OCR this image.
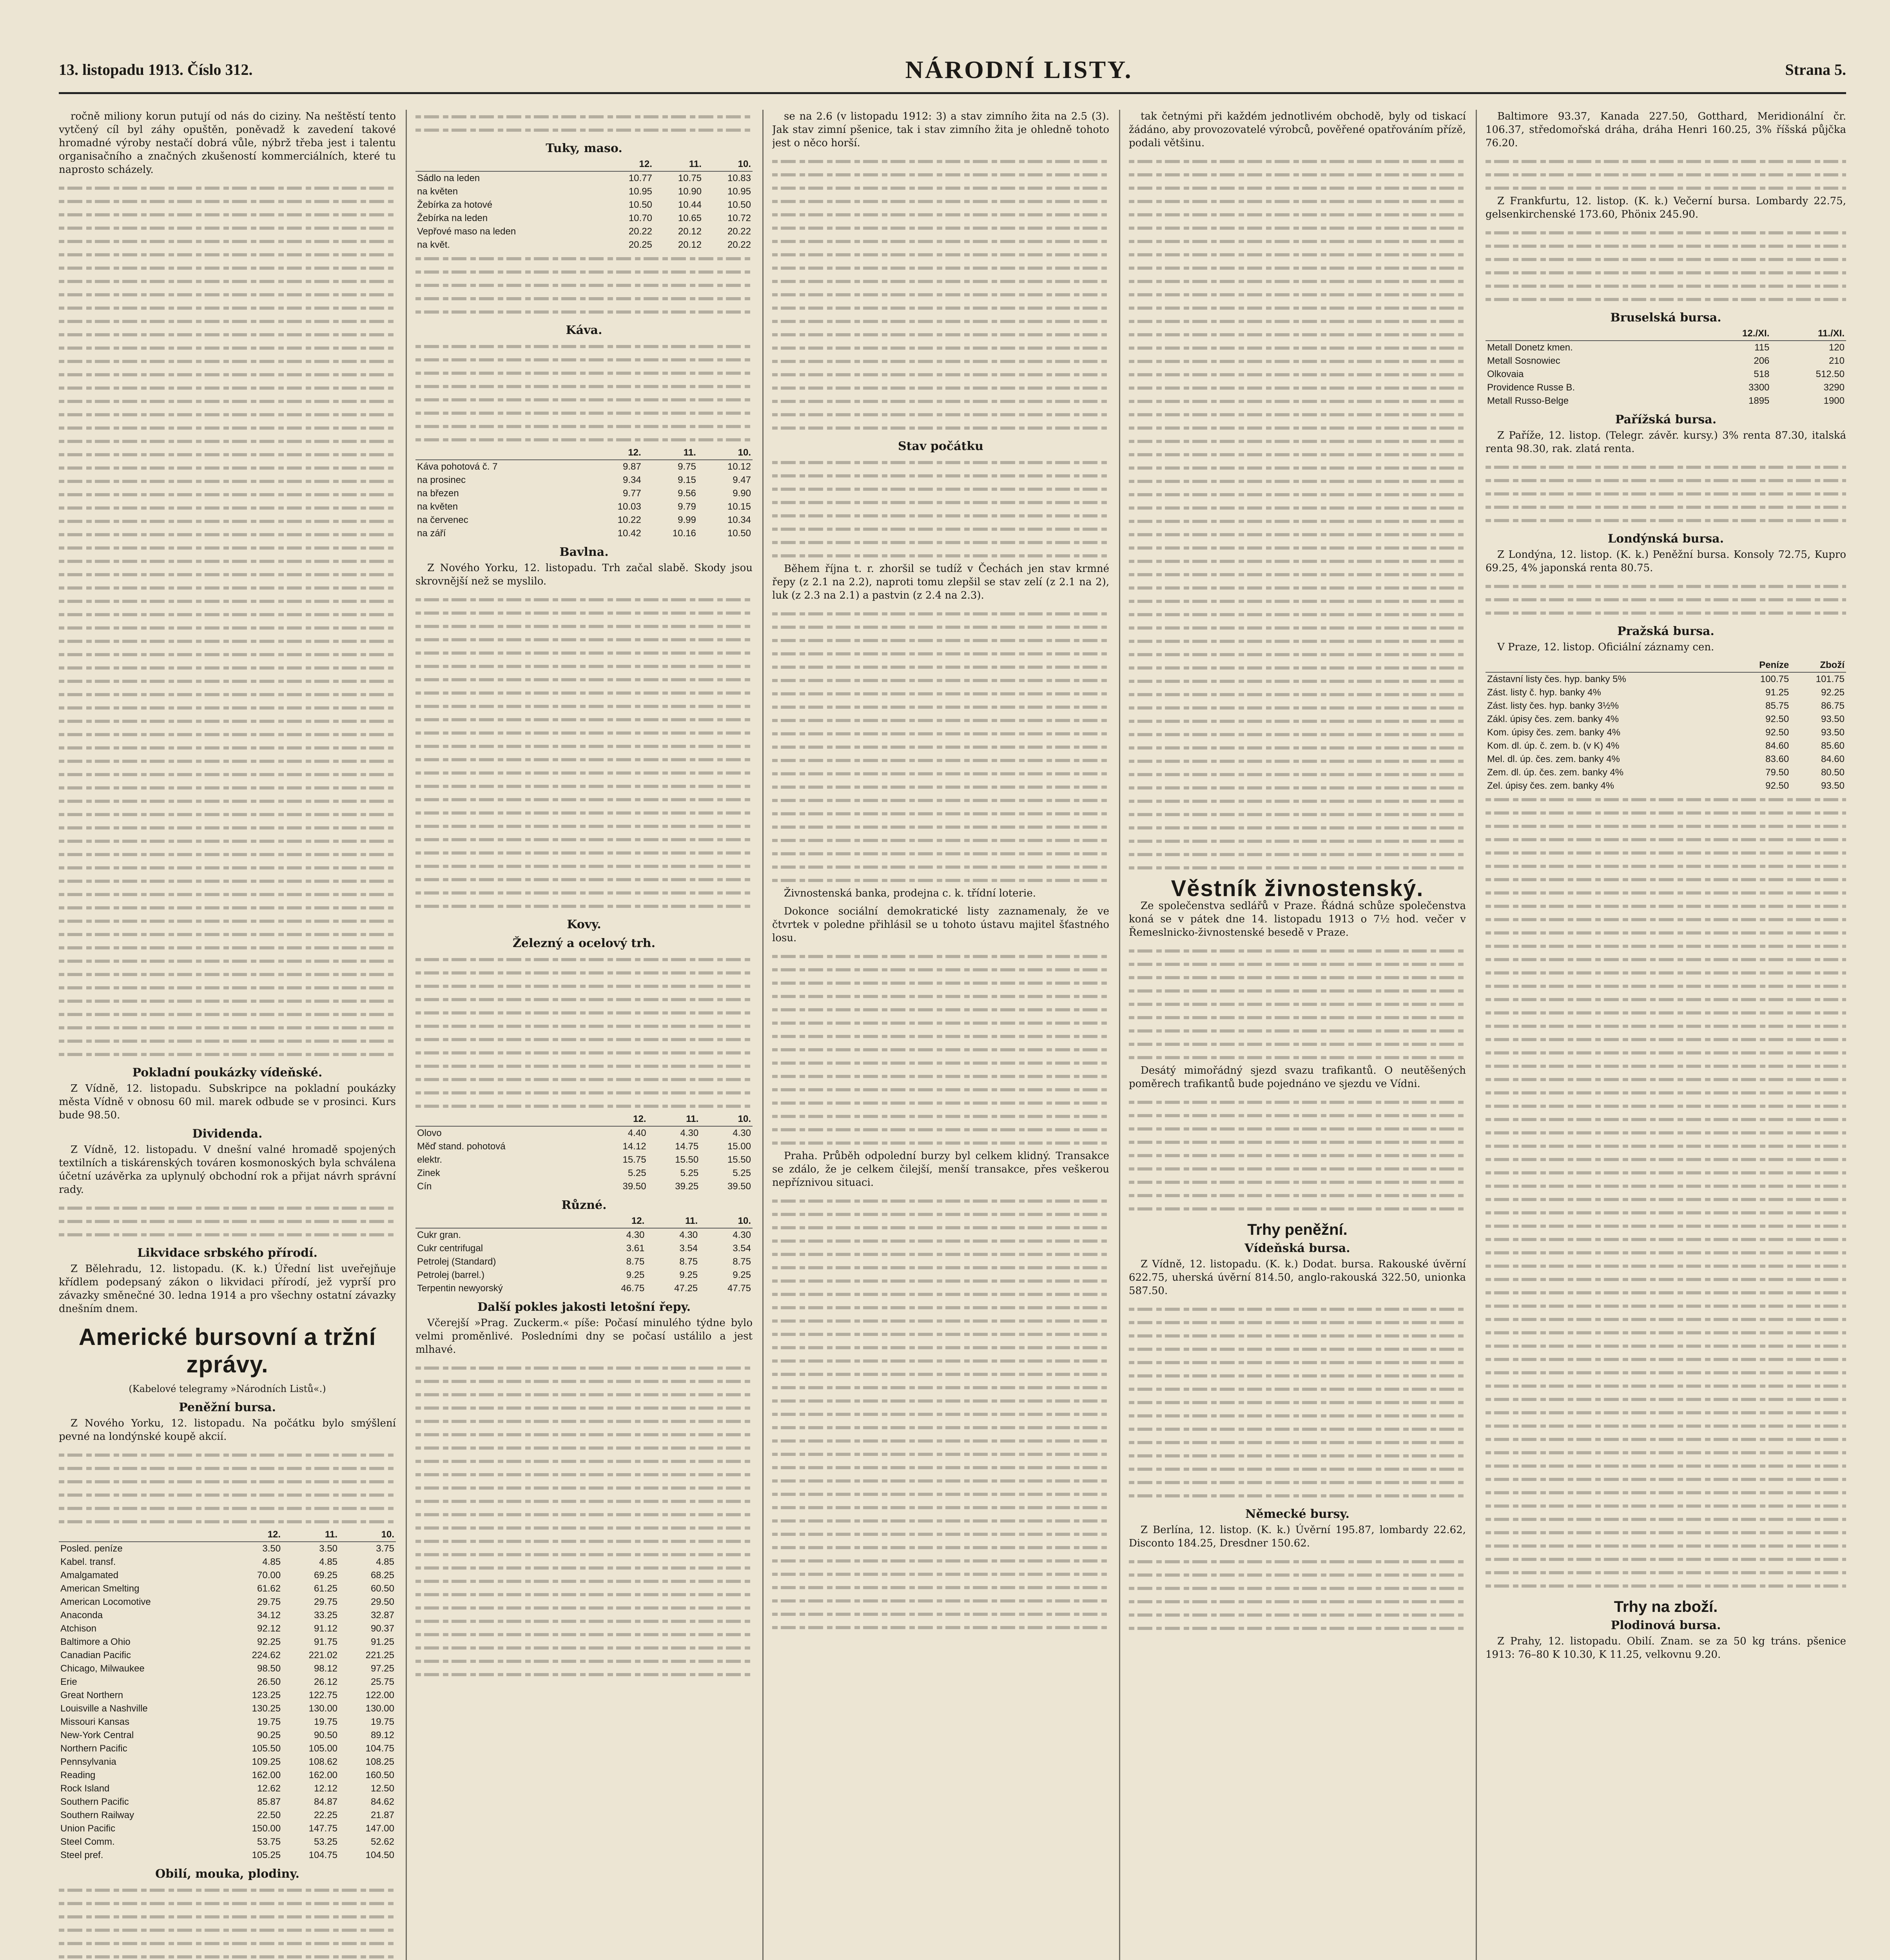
13. listopadu 1913. Číslo 312.	NÁRODNÍ LISTY.	Strana 5.

ročně miliony korun putují od nás do ciziny. Na neštěstí tento vytčený cíl byl záhy opuštěn, poněvadž k zavedení takové hromadné výroby nestačí dobrá vůle, nýbrž třeba jest i talentu organisačního a značných zkušeností kommerciálních, které tu naprosto scházely.

Pokladní poukázky vídeňské.

Z Vídně, 12. listopadu. Subskripce na pokladní poukázky města Vídně v obnosu 60 mil. marek odbude se v prosinci. Kurs bude 98.50.

Dividenda.

Z Vídně, 12. listopadu. V dnešní valné hromadě spojených textilních a tiskárenských továren kosmonoských byla schválena účetní uzávěrka za uplynulý obchodní rok a přijat návrh správní rady.

Likvidace srbského přírodí.

Z Bělehradu, 12. listopadu. (K. k.) Úřední list uveřejňuje křídlem podepsaný zákon o likvidaci přírodí, jež vyprší pro závazky směnečné 30. ledna 1914 a pro všechny ostatní závazky dnešním dnem.

Americké bursovní a tržní zprávy.
(Kabelové telegramy »Národních Listů«.)
Peněžní bursa.

Z Nového Yorku, 12. listopadu. Na počátku bylo smýšlení pevné na londýnské koupě akcií.

	12.	11.	10.
Posled. peníze	3.50	3.50	3.75
Kabel. transf.	4.85	4.85	4.85
Amalgamated	70.00	69.25	68.25
American Smelting	61.62	61.25	60.50
American Locomotive	29.75	29.75	29.50
Anaconda	34.12	33.25	32.87
Atchison	92.12	91.12	90.37
Baltimore a Ohio	92.25	91.75	91.25
Canadian Pacific	224.62	221.02	221.25
Chicago, Milwaukee	98.50	98.12	97.25
Erie	26.50	26.12	25.75
Great Northern	123.25	122.75	122.00
Louisville a Nashville	130.25	130.00	130.00
Missouri Kansas	19.75	19.75	19.75
New-York Central	90.25	90.50	89.12
Northern Pacific	105.50	105.00	104.75
Pennsylvania	109.25	108.62	108.25
Reading	162.00	162.00	160.50
Rock Island	12.62	12.12	12.50
Southern Pacific	85.87	84.87	84.62
Southern Railway	22.50	22.25	21.87
Union Pacific	150.00	147.75	147.00
Steel Comm.	53.75	53.25	52.62
Steel pref.	105.25	104.75	104.50
Obilí, mouka, plodiny.
Tuky, maso.
	12.	11.	10.
Sádlo na leden	10.77	10.75	10.83
na květen	10.95	10.90	10.95
Žebírka za hotové	10.50	10.44	10.50
Žebírka na leden	10.70	10.65	10.72
Vepřové maso na leden	20.22	20.12	20.22
na květ.	20.25	20.12	20.22
Káva.
	12.	11.	10.
Káva pohotová č. 7	9.87	9.75	10.12
na prosinec	9.34	9.15	9.47
na březen	9.77	9.56	9.90
na květen	10.03	9.79	10.15
na červenec	10.22	9.99	10.34
na září	10.42	10.16	10.50
Bavlna.

Z Nového Yorku, 12. listopadu. Trh začal slabě. Skody jsou skrovnější než se myslilo.

Kovy.
Železný a ocelový trh.
	12.	11.	10.
Olovo	4.40	4.30	4.30
Měď stand. pohotová	14.12	14.75	15.00
elektr.	15.75	15.50	15.50
Zinek	5.25	5.25	5.25
Cín	39.50	39.25	39.50
Různé.
	12.	11.	10.
Cukr gran.	4.30	4.30	4.30
Cukr centrifugal	3.61	3.54	3.54
Petrolej (Standard)	8.75	8.75	8.75
Petrolej (barrel.)	9.25	9.25	9.25
Terpentin newyorský	46.75	47.25	47.75
Další pokles jakosti letošní řepy.

Včerejší »Prag. Zuckerm.« píše: Počasí minulého týdne bylo velmi proměnlivé. Posledními dny se počasí ustálilo a jest mlhavé.

se na 2.6 (v listopadu 1912: 3) a stav zimního žita na 2.5 (3). Jak stav zimní pšenice, tak i stav zimního žita je ohledně tohoto jest o něco horší.

Stav počátku

Během října t. r. zhoršil se tudíž v Čechách jen stav krmné řepy (z 2.1 na 2.2), naproti tomu zlepšil se stav zelí (z 2.1 na 2), luk (z 2.3 na 2.1) a pastvin (z 2.4 na 2.3).

Živnostenská banka, prodejna c. k. třídní loterie.

Dokonce sociální demokratické listy zaznamenaly, že ve čtvrtek v poledne přihlásil se u tohoto ústavu majitel šťastného losu.

Praha. Průběh odpolední burzy byl celkem klidný. Transakce se zdálo, že je celkem čilejší, menší transakce, přes veškerou nepříznivou situaci.

tak četnými při každém jednotlivém obchodě, byly od tiskací žádáno, aby provozovatelé výrobců, pověřené opatřováním přízě, podali většinu.

Věstník živnostenský.

Ze společenstva sedlářů v Praze. Řádná schůze společenstva koná se v pátek dne 14. listopadu 1913 o 7½ hod. večer v Řemeslnicko-živnostenské besedě v Praze.

Desátý mimořádný sjezd svazu trafikantů. O neutěšených poměrech trafikantů bude pojednáno ve sjezdu ve Vídni.

Trhy peněžní.
Vídeňská bursa.

Z Vídně, 12. listopadu. (K. k.) Dodat. bursa. Rakouské úvěrní 622.75, uherská úvěrní 814.50, anglo-rakouská 322.50, unionka 587.50.

Německé bursy.

Z Berlína, 12. listop. (K. k.) Úvěrní 195.87, lombardy 22.62, Disconto 184.25, Dresdner 150.62.

Baltimore 93.37, Kanada 227.50, Gotthard, Meridionální čr. 106.37, středomořská dráha, dráha Henri 160.25, 3% říšská půjčka 76.20.

Z Frankfurtu, 12. listop. (K. k.) Večerní bursa. Lombardy 22.75, gelsenkirchenské 173.60, Phönix 245.90.

Bruselská bursa.
	12./XI.	11./XI.
Metall Donetz kmen.	115	120
Metall Sosnowiec	206	210
Olkovaia	518	512.50
Providence Russe B.	3300	3290
Metall Russo-Belge	1895	1900
Pařížská bursa.

Z Paříže, 12. listop. (Telegr. závěr. kursy.) 3% renta 87.30, italská renta 98.30, rak. zlatá renta.

Londýnská bursa.

Z Londýna, 12. listop. (K. k.) Peněžní bursa. Konsoly 72.75, Kupro 69.25, 4% japonská renta 80.75.

Pražská bursa.

V Praze, 12. listop. Oficiální záznamy cen.

	Peníze	Zboží
Zástavní listy čes. hyp. banky 5%	100.75	101.75
Zást. listy č. hyp. banky 4%	91.25	92.25
Zást. listy čes. hyp. banky 3½%	85.75	86.75
Zákl. úpisy čes. zem. banky 4%	92.50	93.50
Kom. úpisy čes. zem. banky 4%	92.50	93.50
Kom. dl. úp. č. zem. b. (v K) 4%	84.60	85.60
Mel. dl. úp. čes. zem. banky 4%	83.60	84.60
Zem. dl. úp. čes. zem. banky 4%	79.50	80.50
Zel. úpisy čes. zem. banky 4%	92.50	93.50
Trhy na zboží.
Plodinová bursa.

Z Prahy, 12. listopadu. Obilí. Znam. se za 50 kg tráns. pšenice 1913: 76–80 K 10.30, K 11.25, velkovnu 9.20.
